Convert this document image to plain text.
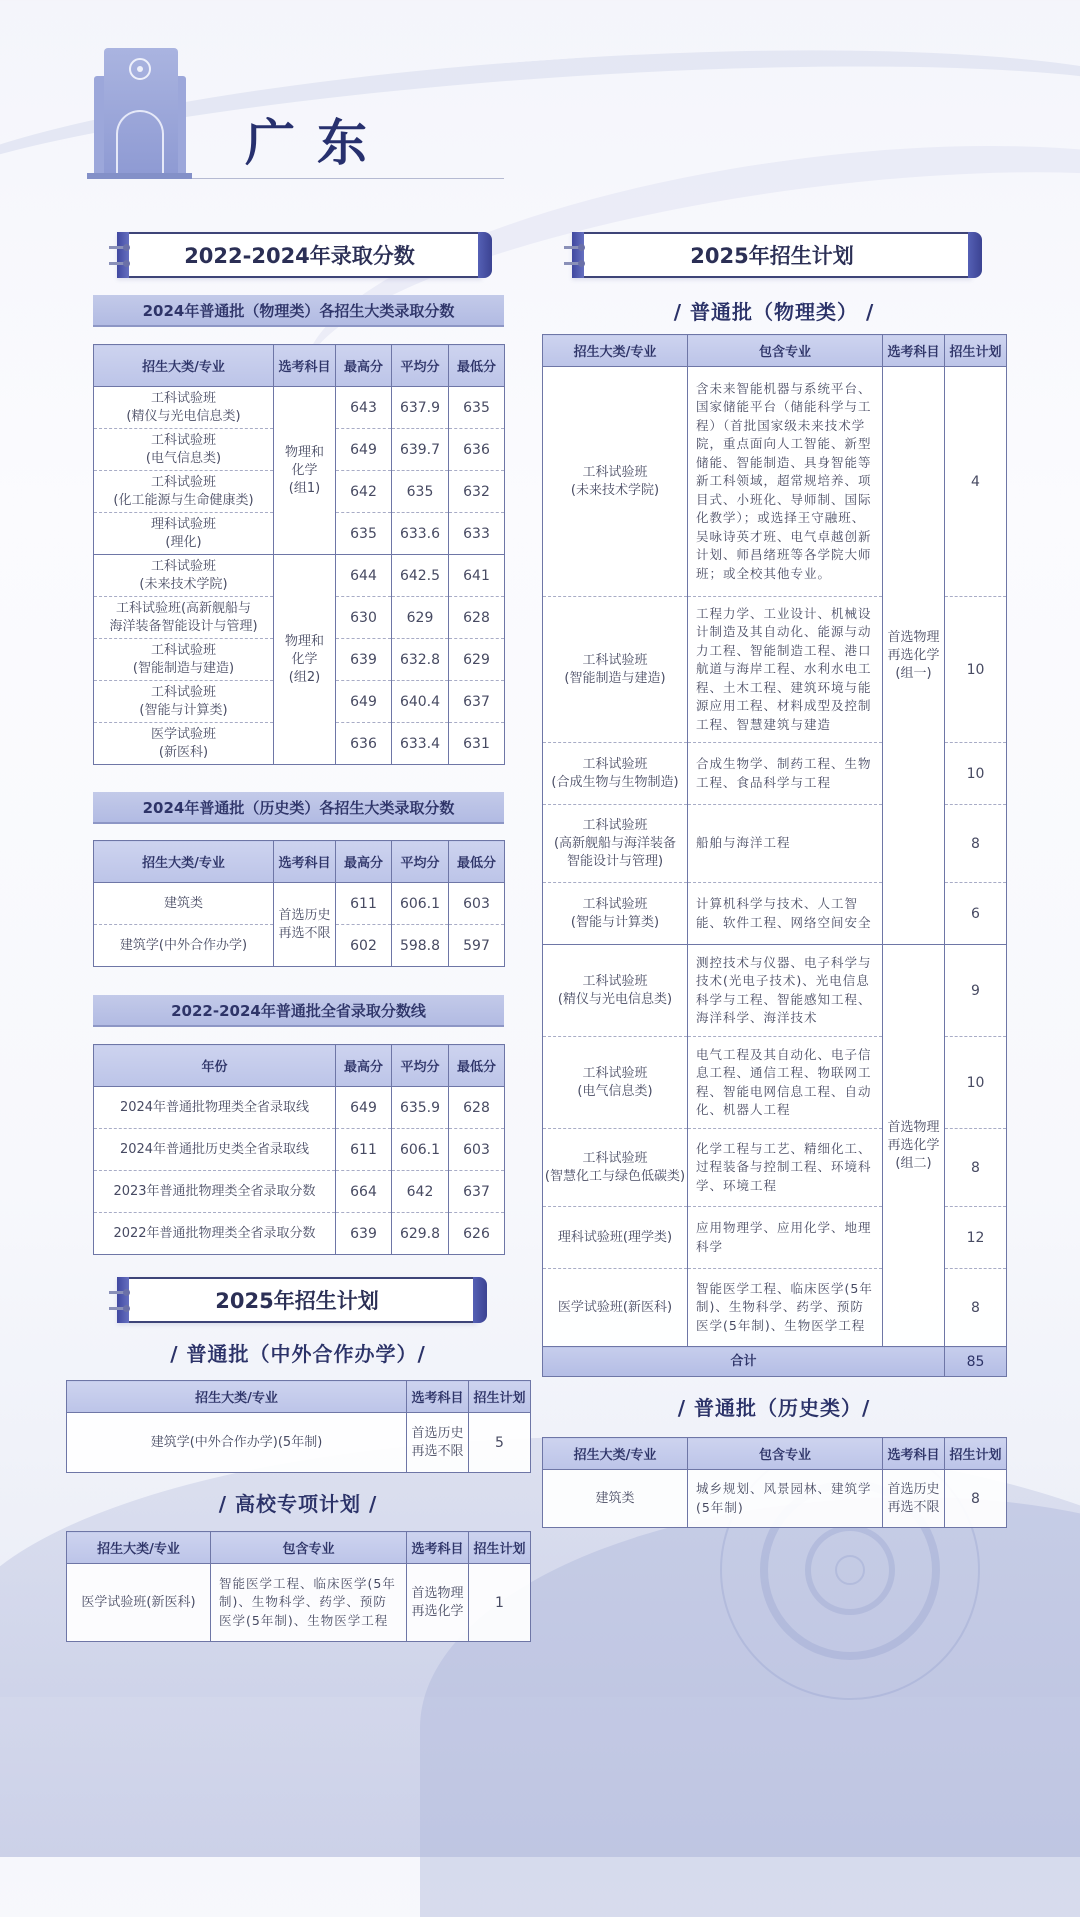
广东
2022-2024年录取分数
2024年普通批（物理类）各招生大类录取分数
招生大类/专业	选考科目	最高分	平均分	最低分
工科试验班
(精仪与光电信息类)	物理和
化学
(组1)	643	637.9	635
工科试验班
(电气信息类)		649	639.7	636
工科试验班
(化工能源与生命健康类)		642	635	632
理科试验班
(理化)		635	633.6	633
工科试验班
(未来技术学院)	物理和
化学
(组2)	644	642.5	641
工科试验班(高新舰船与
海洋装备智能设计与管理)		630	629	628
工科试验班
(智能制造与建造)		639	632.8	629
工科试验班
(智能与计算类)		649	640.4	637
医学试验班
(新医科)		636	633.4	631
2024年普通批（历史类）各招生大类录取分数
招生大类/专业	选考科目	最高分	平均分	最低分
建筑类	首选历史
再选不限	611	606.1	603
建筑学(中外合作办学)		602	598.8	597
2022-2024年普通批全省录取分数线
年份	最高分	平均分	最低分
2024年普通批物理类全省录取线	649	635.9	628
2024年普通批历史类全省录取线	611	606.1	603
2023年普通批物理类全省录取分数	664	642	637
2022年普通批物理类全省录取分数	639	629.8	626
2025年招生计划
/ 普通批（中外合作办学）/
招生大类/专业	选考科目	招生计划
建筑学(中外合作办学)(5年制)	首选历史
再选不限	5
/ 高校专项计划 /
招生大类/专业	包含专业	选考科目	招生计划
医学试验班(新医科)	智能医学工程、临床医学(5年制)、生物科学、药学、预防医学(5年制)、生物医学工程	首选物理
再选化学	1
2025年招生计划
/ 普通批（物理类） /
招生大类/专业	包含专业	选考科目	招生计划
工科试验班
(未来技术学院)	含未来智能机器与系统平台、国家储能平台（储能科学与工程）（首批国家级未来技术学院，重点面向人工智能、新型储能、智能制造、具身智能等新工科领域，超常规培养、项目式、小班化、导师制、国际化教学）；或选择王守融班、吴咏诗英才班、电气卓越创新计划、师昌绪班等各学院大师班；或全校其他专业。	首选物理
再选化学
(组一)	4
工科试验班
(智能制造与建造)	工程力学、工业设计、机械设计制造及其自动化、能源与动力工程、智能制造工程、港口航道与海岸工程、水利水电工程、土木工程、建筑环境与能源应用工程、材料成型及控制工程、智慧建筑与建造		10
工科试验班
(合成生物与生物制造)	合成生物学、制药工程、生物工程、食品科学与工程		10
工科试验班
(高新舰船与海洋装备
智能设计与管理)	船舶与海洋工程		8
工科试验班
(智能与计算类)	计算机科学与技术、人工智能、软件工程、网络空间安全		6
工科试验班
(精仪与光电信息类)	测控技术与仪器、电子科学与技术(光电子技术)、光电信息科学与工程、智能感知工程、海洋科学、海洋技术	首选物理
再选化学
(组二)	9
工科试验班
(电气信息类)	电气工程及其自动化、电子信息工程、通信工程、物联网工程、智能电网信息工程、自动化、机器人工程		10
工科试验班
(智慧化工与绿色低碳类)	化学工程与工艺、精细化工、过程装备与控制工程、环境科学、环境工程		8
理科试验班(理学类)	应用物理学、应用化学、地理科学		12
医学试验班(新医科)	智能医学工程、临床医学(5年制)、生物科学、药学、预防医学(5年制)、生物医学工程		8
合计			85
/ 普通批（历史类）/
招生大类/专业	包含专业	选考科目	招生计划
建筑类	城乡规划、风景园林、建筑学(5年制)	首选历史
再选不限	8
